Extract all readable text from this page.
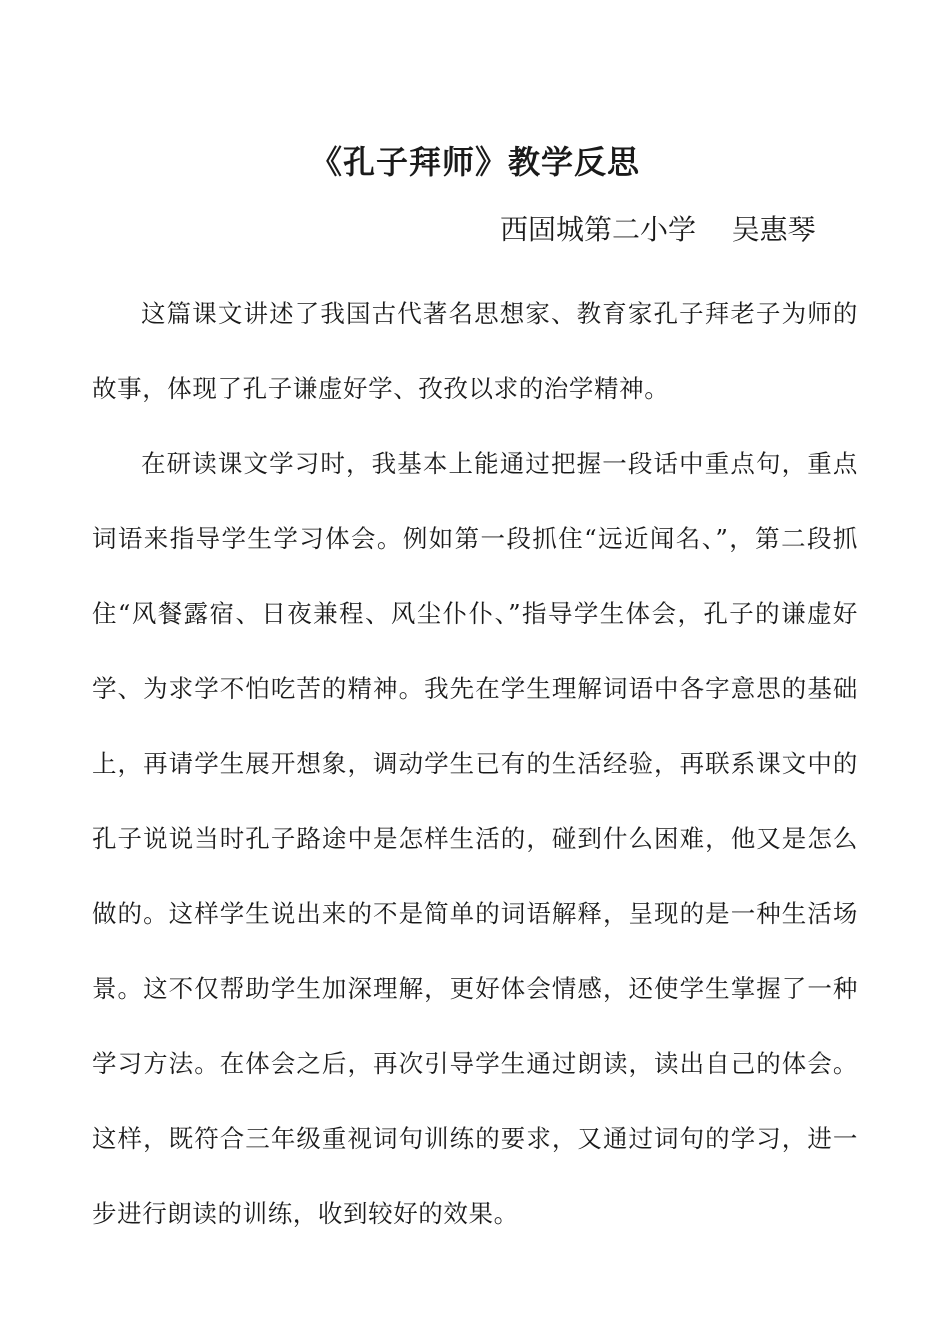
《孔子拜师》教学反思
西固城第二小学    吴惠琴

这篇课文讲述了我国古代著名思想家、教育家孔子拜老子为师的故事，体现了孔子谦虚好学、孜孜以求的治学精神。

在研读课文学习时，我基本上能通过把握一段话中重点句，重点词语来指导学生学习体会。例如第一段抓住“远近闻名、”，第二段抓住“风餐露宿、日夜兼程、风尘仆仆、”指导学生体会，孔子的谦虚好学、为求学不怕吃苦的精神。我先在学生理解词语中各字意思的基础上，再请学生展开想象，调动学生已有的生活经验，再联系课文中的孔子说说当时孔子路途中是怎样生活的，碰到什么困难，他又是怎么做的。这样学生说出来的不是简单的词语解释，呈现的是一种生活场景。这不仅帮助学生加深理解，更好体会情感，还使学生掌握了一种学习方法。在体会之后，再次引导学生通过朗读，读出自己的体会。这样，既符合三年级重视词句训练的要求，又通过词句的学习，进一步进行朗读的训练，收到较好的效果。
